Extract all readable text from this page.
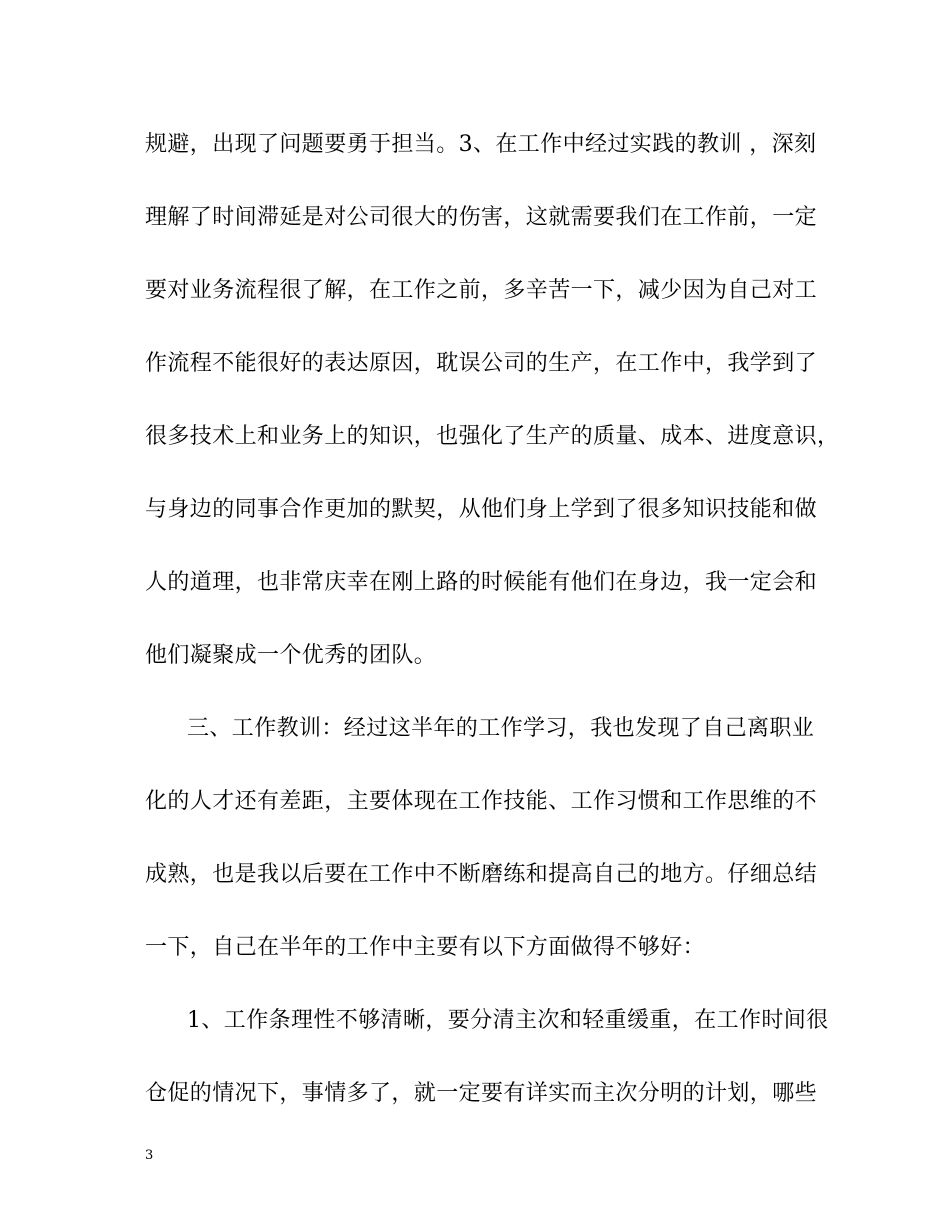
规避，出现了问题要勇于担当。3、在工作中经过实践的教训 ，深刻
理解了时间滞延是对公司很大的伤害，这就需要我们在工作前，一定
要对业务流程很了解，在工作之前，多辛苦一下，减少因为自己对工
作流程不能很好的表达原因，耽误公司的生产，在工作中，我学到了
很多技术上和业务上的知识，也强化了生产的质量、成本、进度意识，
与身边的同事合作更加的默契，从他们身上学到了很多知识技能和做
人的道理，也非常庆幸在刚上路的时候能有他们在身边，我一定会和
他们凝聚成一个优秀的团队。
三、工作教训：经过这半年的工作学习，我也发现了自己离职业
化的人才还有差距，主要体现在工作技能、工作习惯和工作思维的不
成熟，也是我以后要在工作中不断磨练和提高自己的地方。仔细总结
一下，自己在半年的工作中主要有以下方面做得不够好：
1、工作条理性不够清晰，要分清主次和轻重缓重，在工作时间很
仓促的情况下，事情多了，就一定要有详实而主次分明的计划，哪些
3
